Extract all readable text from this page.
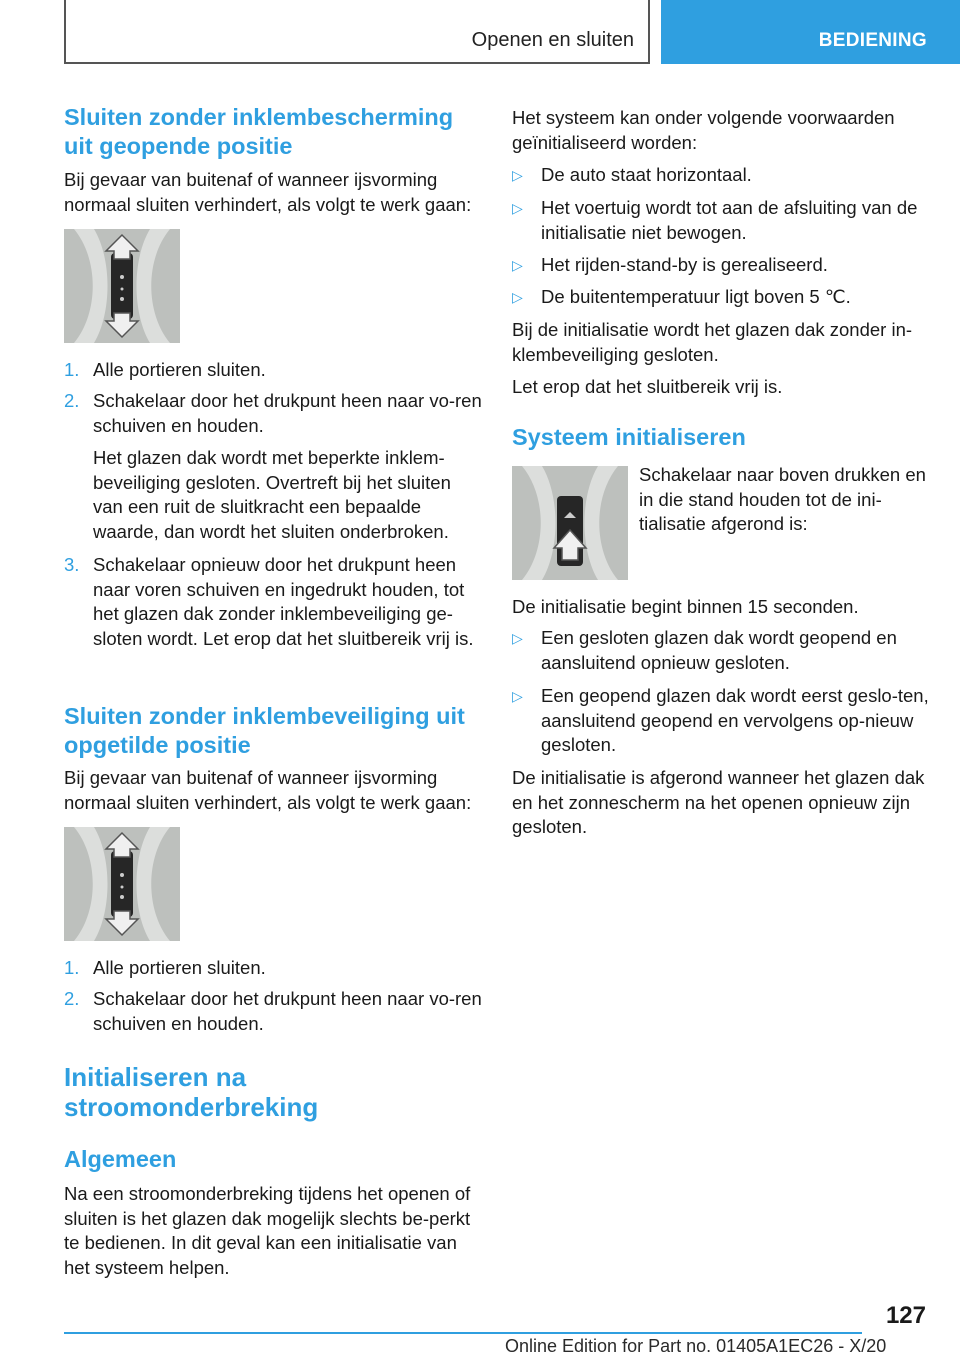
Openen en sluiten	BEDIENING
Sluiten zonder inklembescherming uit geopende positie
Bij gevaar van buitenaf of wanneer ijsvorming normaal sluiten verhindert, als volgt te werk gaan:
1. Alle portieren sluiten.
2. Schakelaar door het drukpunt heen naar vo-ren schuiven en houden.
Het glazen dak wordt met beperkte inklem-beveiliging gesloten. Overtreft bij het sluiten van een ruit de sluitkracht een bepaalde waarde, dan wordt het sluiten onderbroken.
3. Schakelaar opnieuw door het drukpunt heen naar voren schuiven en ingedrukt houden, tot het glazen dak zonder inklembeveiliging ge-sloten wordt. Let erop dat het sluitbereik vrij is.
Sluiten zonder inklembeveiliging uit opgetilde positie
Bij gevaar van buitenaf of wanneer ijsvorming normaal sluiten verhindert, als volgt te werk gaan:
1. Alle portieren sluiten.
2. Schakelaar door het drukpunt heen naar vo-ren schuiven en houden.
Initialiseren na stroomonderbreking
Algemeen
Na een stroomonderbreking tijdens het openen of sluiten is het glazen dak mogelijk slechts be-perkt te bedienen. In dit geval kan een initialisatie van het systeem helpen.
Het systeem kan onder volgende voorwaarden geïnitialiseerd worden:
▷ De auto staat horizontaal.
▷ Het voertuig wordt tot aan de afsluiting van de initialisatie niet bewogen.
▷ Het rijden-stand-by is gerealiseerd.
▷ De buitentemperatuur ligt boven 5 ℃.
Bij de initialisatie wordt het glazen dak zonder in-klembeveiliging gesloten.
Let erop dat het sluitbereik vrij is.
Systeem initialiseren
Schakelaar naar boven drukken en in die stand houden tot de ini-tialisatie afgerond is:
De initialisatie begint binnen 15 seconden.
▷ Een gesloten glazen dak wordt geopend en aansluitend opnieuw gesloten.
▷ Een geopend glazen dak wordt eerst geslo-ten, aansluitend geopend en vervolgens op-nieuw gesloten.
De initialisatie is afgerond wanneer het glazen dak en het zonnescherm na het openen opnieuw zijn gesloten.
127
Online Edition for Part no. 01405A1EC26 - X/20
